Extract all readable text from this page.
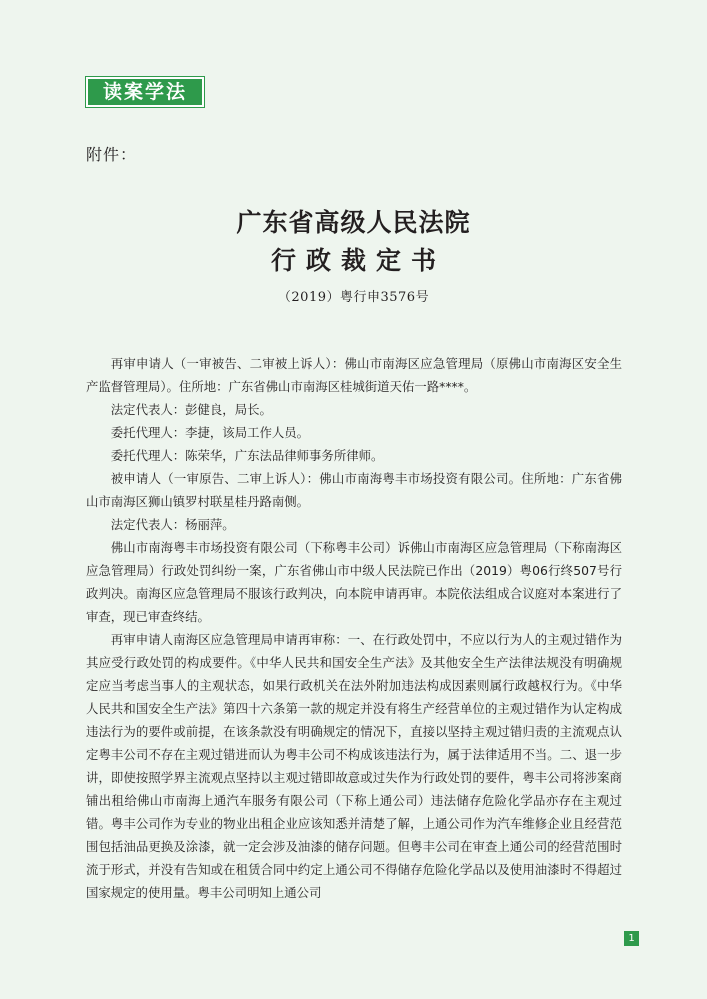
读案学法
附件：
广东省高级人民法院
行政裁定书
（2019）粤行申3576号

再审申请人（一审被告、二审被上诉人）：佛山市南海区应急管理局（原佛山市南海区安全生产监督管理局）。住所地：广东省佛山市南海区桂城街道天佑一路****。

法定代表人：彭健良，局长。

委托代理人：李捷，该局工作人员。

委托代理人：陈荣华，广东法品律师事务所律师。

被申请人（一审原告、二审上诉人）：佛山市南海粤丰市场投资有限公司。住所地：广东省佛山市南海区狮山镇罗村联星桂丹路南侧。

法定代表人：杨丽萍。

佛山市南海粤丰市场投资有限公司（下称粤丰公司）诉佛山市南海区应急管理局（下称南海区应急管理局）行政处罚纠纷一案，广东省佛山市中级人民法院已作出（2019）粤06行终507号行政判决。南海区应急管理局不服该行政判决，向本院申请再审。本院依法组成合议庭对本案进行了审查，现已审查终结。

再审申请人南海区应急管理局申请再审称：一、在行政处罚中，不应以行为人的主观过错作为其应受行政处罚的构成要件。《中华人民共和国安全生产法》及其他安全生产法律法规没有明确规定应当考虑当事人的主观状态，如果行政机关在法外附加违法构成因素则属行政越权行为。《中华人民共和国安全生产法》第四十六条第一款的规定并没有将生产经营单位的主观过错作为认定构成违法行为的要件或前提，在该条款没有明确规定的情况下，直接以坚持主观过错归责的主流观点认定粤丰公司不存在主观过错进而认为粤丰公司不构成该违法行为，属于法律适用不当。二、退一步讲，即使按照学界主流观点坚持以主观过错即故意或过失作为行政处罚的要件，粤丰公司将涉案商铺出租给佛山市南海上通汽车服务有限公司（下称上通公司）违法储存危险化学品亦存在主观过错。粤丰公司作为专业的物业出租企业应该知悉并清楚了解，上通公司作为汽车维修企业且经营范围包括油品更换及涂漆，就一定会涉及油漆的储存问题。但粤丰公司在审查上通公司的经营范围时流于形式，并没有告知或在租赁合同中约定上通公司不得储存危险化学品以及使用油漆时不得超过国家规定的使用量。粤丰公司明知上通公司

1
